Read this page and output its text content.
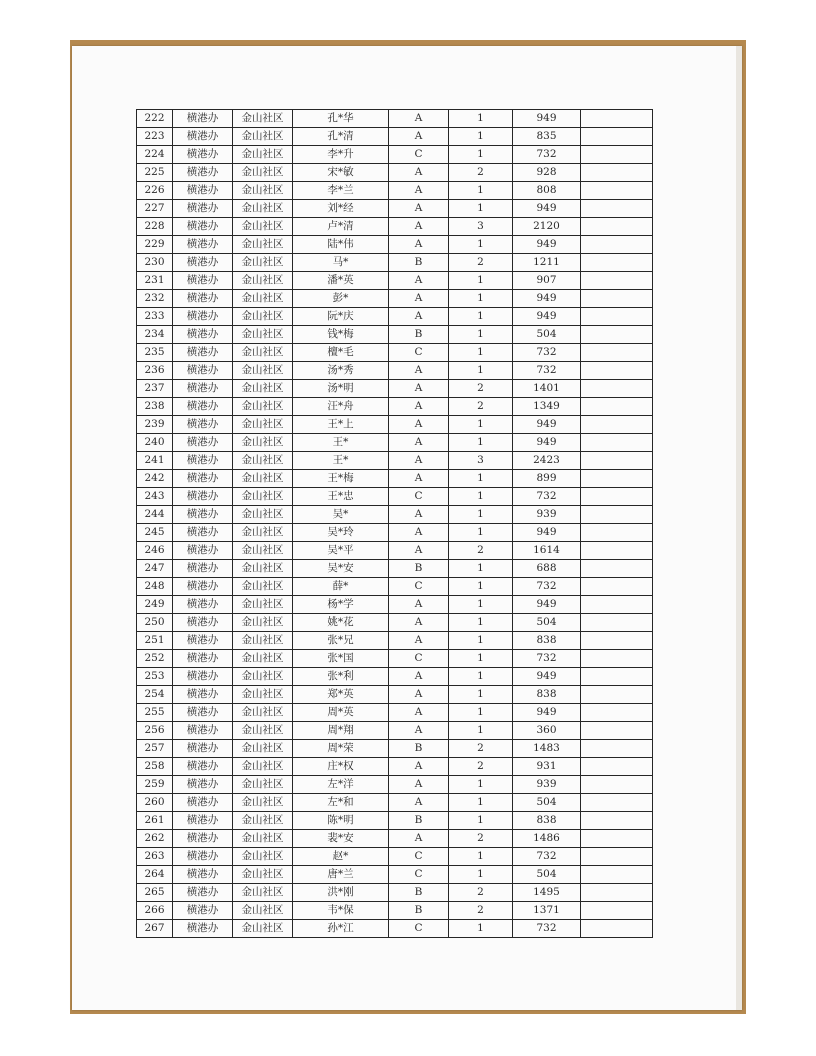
222	横港办	金山社区	孔*华	A	1	949	
223	横港办	金山社区	孔*清	A	1	835	
224	横港办	金山社区	李*升	C	1	732	
225	横港办	金山社区	宋*敏	A	2	928	
226	横港办	金山社区	李*兰	A	1	808	
227	横港办	金山社区	刘*经	A	1	949	
228	横港办	金山社区	卢*清	A	3	2120	
229	横港办	金山社区	陆*伟	A	1	949	
230	横港办	金山社区	马*	B	2	1211	
231	横港办	金山社区	潘*英	A	1	907	
232	横港办	金山社区	彭*	A	1	949	
233	横港办	金山社区	阮*庆	A	1	949	
234	横港办	金山社区	钱*梅	B	1	504	
235	横港办	金山社区	檀*毛	C	1	732	
236	横港办	金山社区	汤*秀	A	1	732	
237	横港办	金山社区	汤*明	A	2	1401	
238	横港办	金山社区	汪*舟	A	2	1349	
239	横港办	金山社区	王*上	A	1	949	
240	横港办	金山社区	王*	A	1	949	
241	横港办	金山社区	王*	A	3	2423	
242	横港办	金山社区	王*梅	A	1	899	
243	横港办	金山社区	王*忠	C	1	732	
244	横港办	金山社区	吴*	A	1	939	
245	横港办	金山社区	吴*玲	A	1	949	
246	横港办	金山社区	吴*平	A	2	1614	
247	横港办	金山社区	吴*安	B	1	688	
248	横港办	金山社区	薛*	C	1	732	
249	横港办	金山社区	杨*学	A	1	949	
250	横港办	金山社区	姚*花	A	1	504	
251	横港办	金山社区	张*兄	A	1	838	
252	横港办	金山社区	张*国	C	1	732	
253	横港办	金山社区	张*利	A	1	949	
254	横港办	金山社区	郑*英	A	1	838	
255	横港办	金山社区	周*英	A	1	949	
256	横港办	金山社区	周*翔	A	1	360	
257	横港办	金山社区	周*荣	B	2	1483	
258	横港办	金山社区	庄*权	A	2	931	
259	横港办	金山社区	左*洋	A	1	939	
260	横港办	金山社区	左*和	A	1	504	
261	横港办	金山社区	陈*明	B	1	838	
262	横港办	金山社区	裴*安	A	2	1486	
263	横港办	金山社区	赵*	C	1	732	
264	横港办	金山社区	唐*兰	C	1	504	
265	横港办	金山社区	洪*刚	B	2	1495	
266	横港办	金山社区	韦*保	B	2	1371	
267	横港办	金山社区	孙*江	C	1	732	
